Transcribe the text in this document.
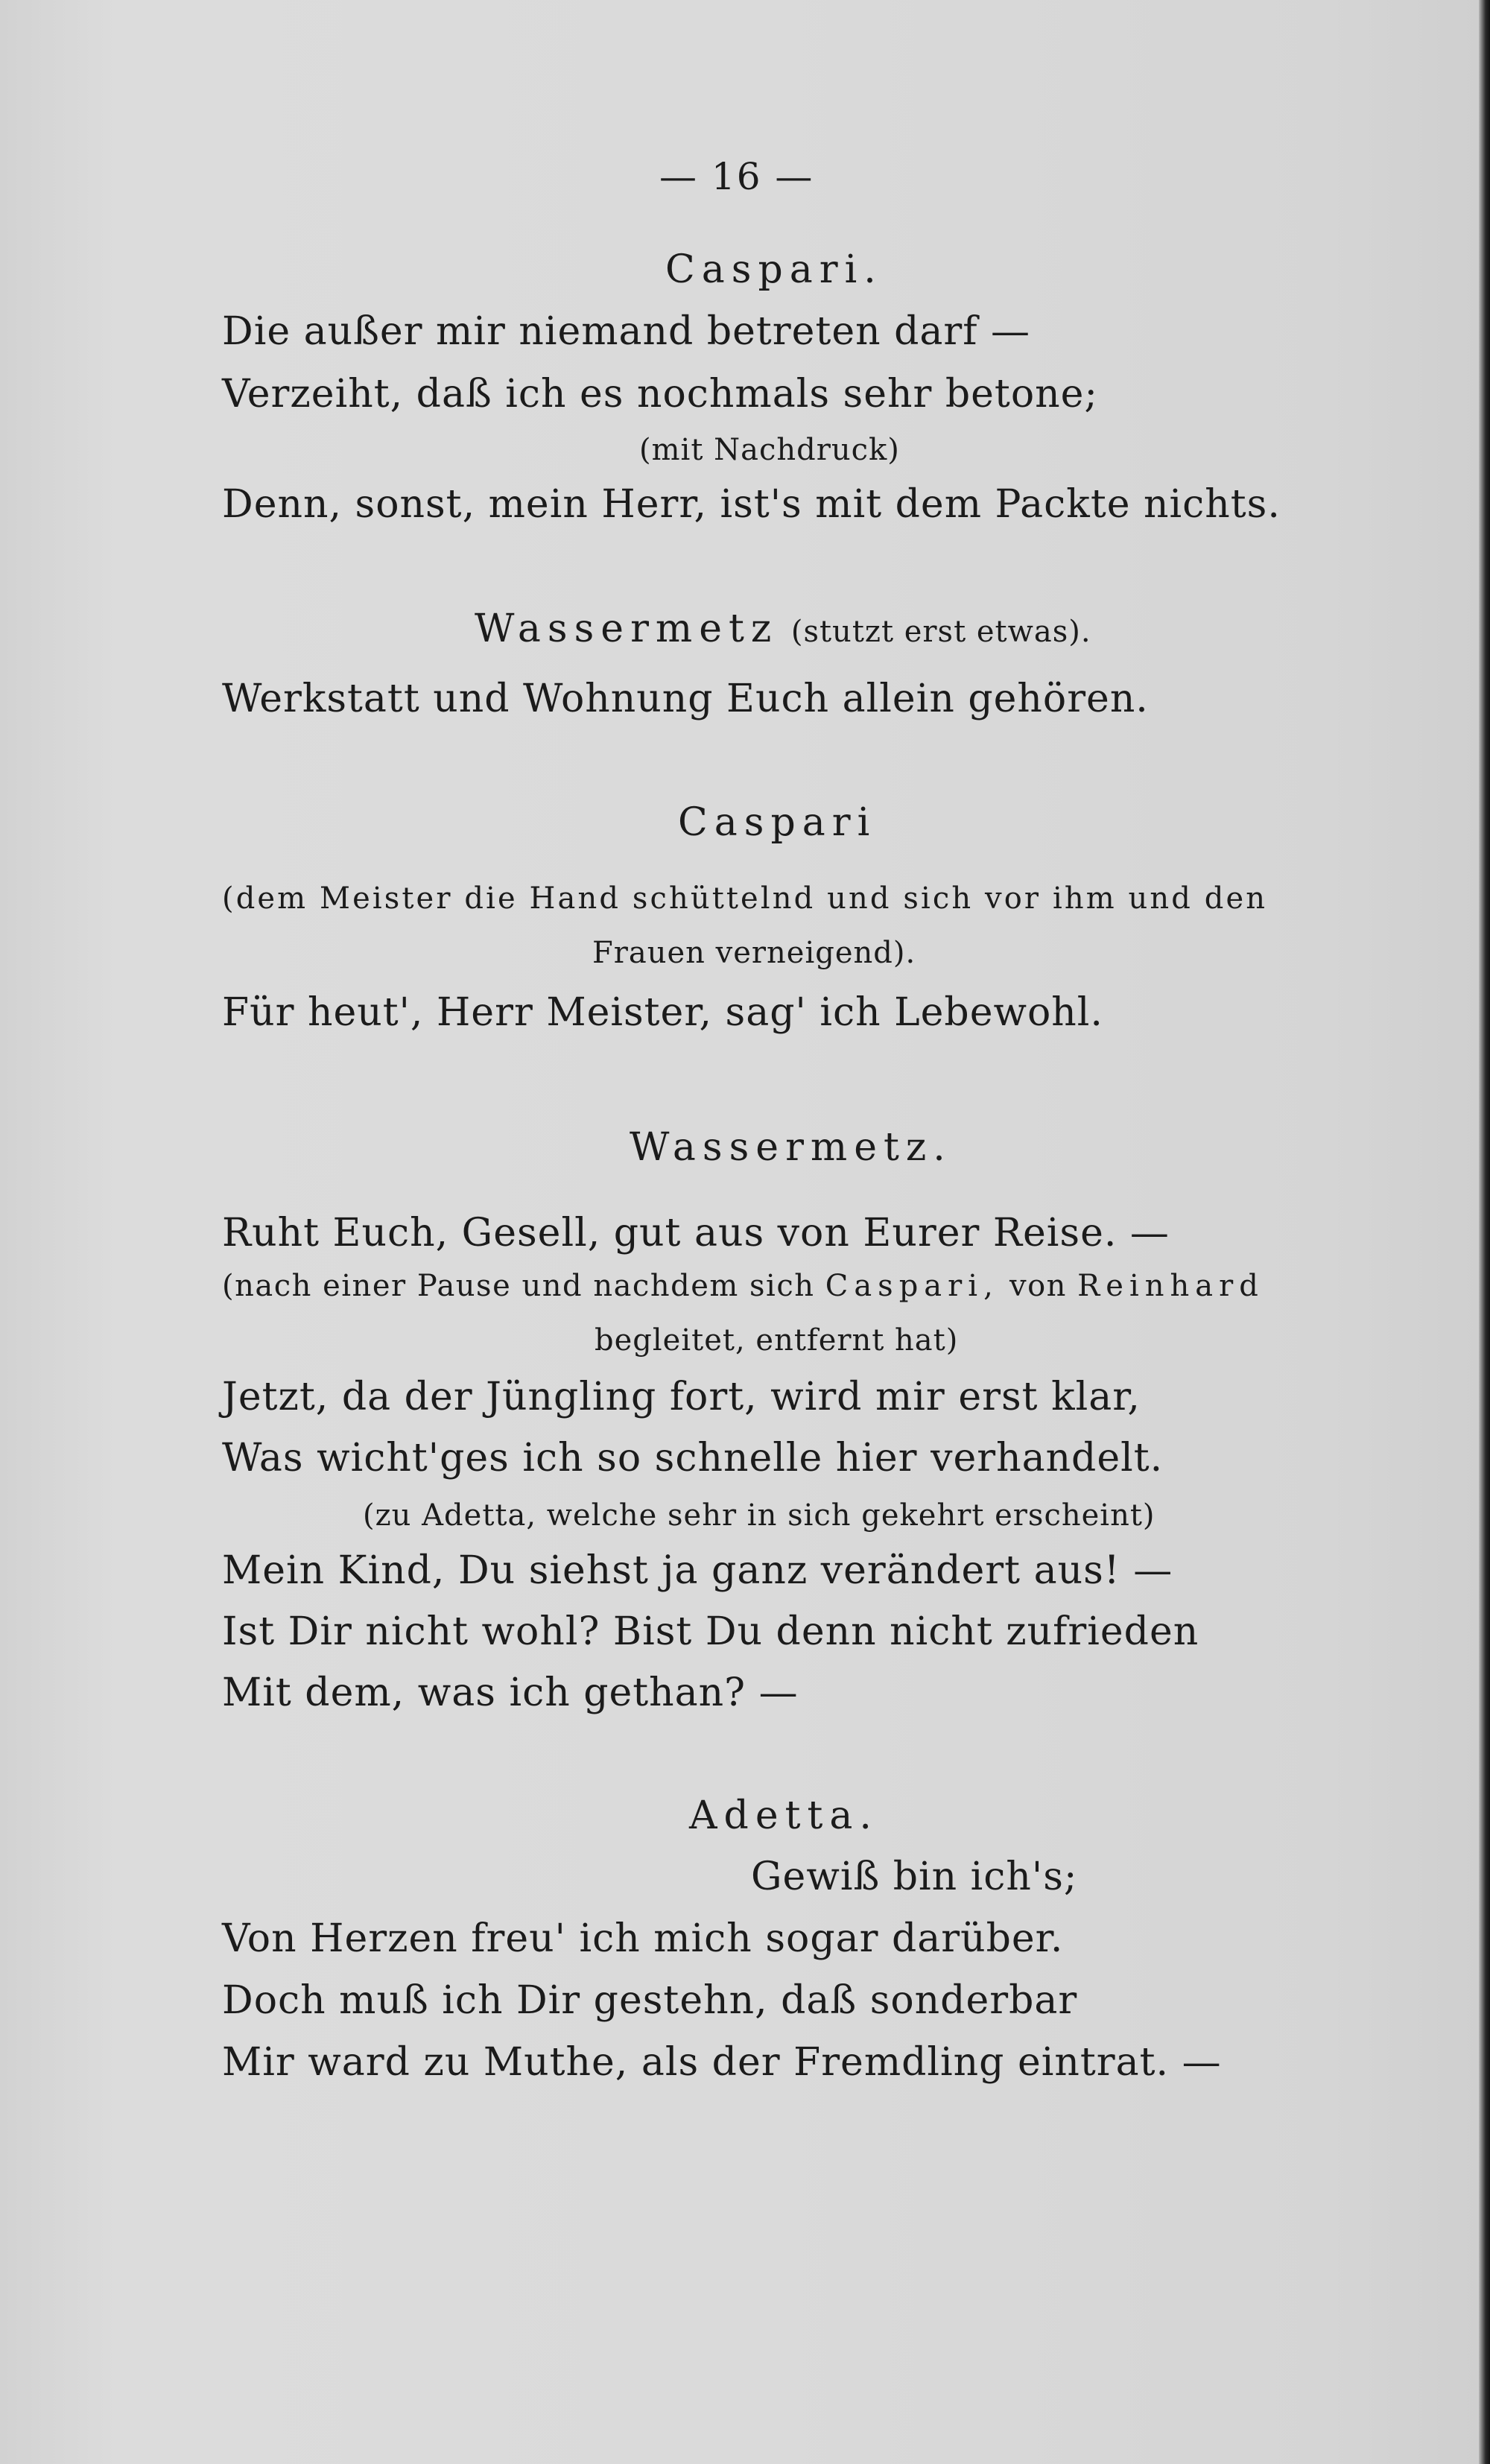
— 16 —
Caspari.
Die außer mir niemand betreten darf —
Verzeiht, daß ich es nochmals sehr betone;
(mit Nachdruck)
Denn, sonst, mein Herr, ist's mit dem Packte nichts.
Wassermetz (stutzt erst etwas).
Werkstatt und Wohnung Euch allein gehören.
Caspari
(dem Meister die Hand schüttelnd und sich vor ihm und den
Frauen verneigend).
Für heut', Herr Meister, sag' ich Lebewohl.
Wassermetz.
Ruht Euch, Gesell, gut aus von Eurer Reise. —
(nach einer Pause und nachdem sich Caspari, von Reinhard
begleitet, entfernt hat)
Jetzt, da der Jüngling fort, wird mir erst klar,
Was wicht'ges ich so schnelle hier verhandelt.
(zu Adetta, welche sehr in sich gekehrt erscheint)
Mein Kind, Du siehst ja ganz verändert aus! —
Ist Dir nicht wohl? Bist Du denn nicht zufrieden
Mit dem, was ich gethan? —
Adetta.
Gewiß bin ich's;
Von Herzen freu' ich mich sogar darüber.
Doch muß ich Dir gestehn, daß sonderbar
Mir ward zu Muthe, als der Fremdling eintrat. —
